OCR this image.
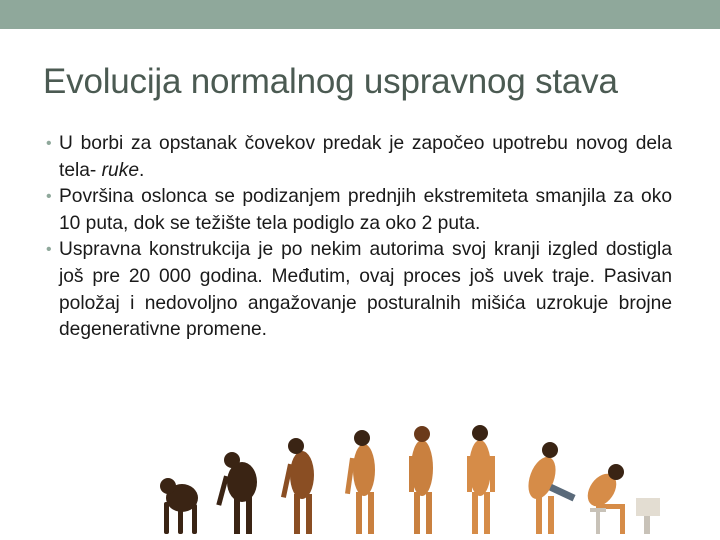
Evolucija normalnog uspravnog stava
• U borbi za opstanak čovekov predak je započeo upotrebu novog dela tela- ruke.
• Površina oslonca se podizanjem prednjih ekstremiteta smanjila za oko 10 puta, dok se težište tela podiglo za oko 2 puta.
• Uspravna konstrukcija je po nekim autorima svoj kranji izgled dostigla još pre 20 000 godina. Međutim, ovaj proces još uvek traje. Pasivan položaj i nedovoljno angažovanje posturalnih mišića uzrokuje brojne degenerativne promene.
